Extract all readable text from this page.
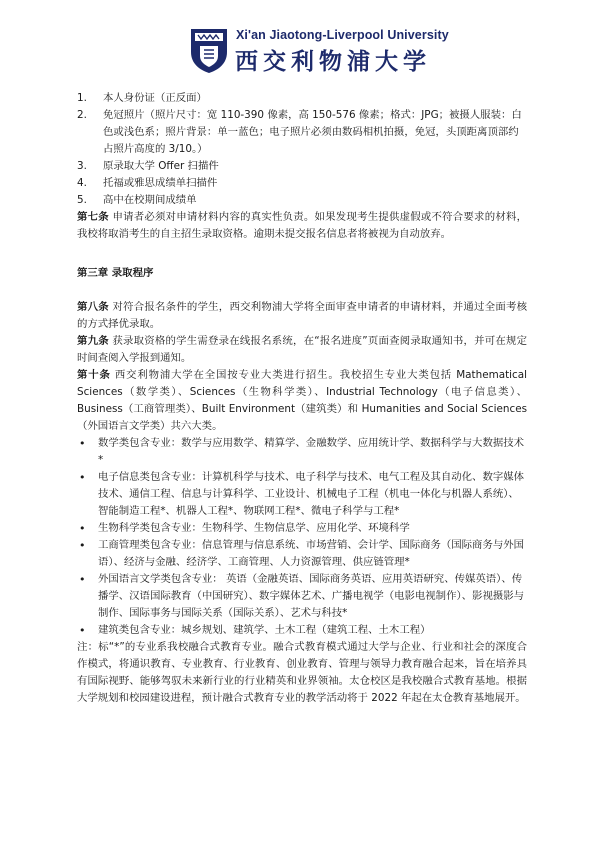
Xi'an Jiaotong-Liverpool University
西交利物浦大学
1. 本人身份证（正反面）
2. 免冠照片（照片尺寸：宽 110-390 像素，高 150-576 像素；格式：JPG；被摄人服装：白色或浅色系；照片背景：单一蓝色；电子照片必须由数码相机拍摄，免冠，头顶距离顶部约占照片高度的 3/10。）
3. 原录取大学 Offer 扫描件
4. 托福或雅思成绩单扫描件
5. 高中在校期间成绩单

第七条 申请者必须对申请材料内容的真实性负责。如果发现考生提供虚假或不符合要求的材料，我校将取消考生的自主招生录取资格。逾期未提交报名信息者将被视为自动放弃。

第三章 录取程序

第八条 对符合报名条件的学生，西交利物浦大学将全面审查申请者的申请材料，并通过全面考核的方式择优录取。

第九条 获录取资格的学生需登录在线报名系统，在“报名进度”页面查阅录取通知书，并可在规定时间查阅入学报到通知。

第十条 西交利物浦大学在全国按专业大类进行招生。我校招生专业大类包括 Mathematical Sciences（数学类）、Sciences（生物科学类）、Industrial Technology（电子信息类）、Business（工商管理类）、Built Environment（建筑类）和 Humanities and Social Sciences（外国语言文学类）共六大类。

• 数学类包含专业：数学与应用数学、精算学、金融数学、应用统计学、数据科学与大数据技术*
• 电子信息类包含专业：计算机科学与技术、电子科学与技术、电气工程及其自动化、数字媒体技术、通信工程、信息与计算科学、工业设计、机械电子工程（机电一体化与机器人系统）、智能制造工程*、机器人工程*、物联网工程*、微电子科学与工程*
• 生物科学类包含专业：生物科学、生物信息学、应用化学、环境科学
• 工商管理类包含专业：信息管理与信息系统、市场营销、会计学、国际商务（国际商务与外国语）、经济与金融、经济学、工商管理、人力资源管理、供应链管理*
• 外国语言文学类包含专业： 英语（金融英语、国际商务英语、应用英语研究、传媒英语）、传播学、汉语国际教育（中国研究）、数字媒体艺术、广播电视学（电影电视制作）、影视摄影与制作、国际事务与国际关系（国际关系）、艺术与科技*
• 建筑类包含专业：城乡规划、建筑学、土木工程（建筑工程、土木工程）

注：标“*”的专业系我校融合式教育专业。融合式教育模式通过大学与企业、行业和社会的深度合作模式，将通识教育、专业教育、行业教育、创业教育、管理与领导力教育融合起来，旨在培养具有国际视野、能够驾驭未来新行业的行业精英和业界领袖。太仓校区是我校融合式教育基地。根据大学规划和校园建设进程，预计融合式教育专业的教学活动将于 2022 年起在太仓教育基地展开。
